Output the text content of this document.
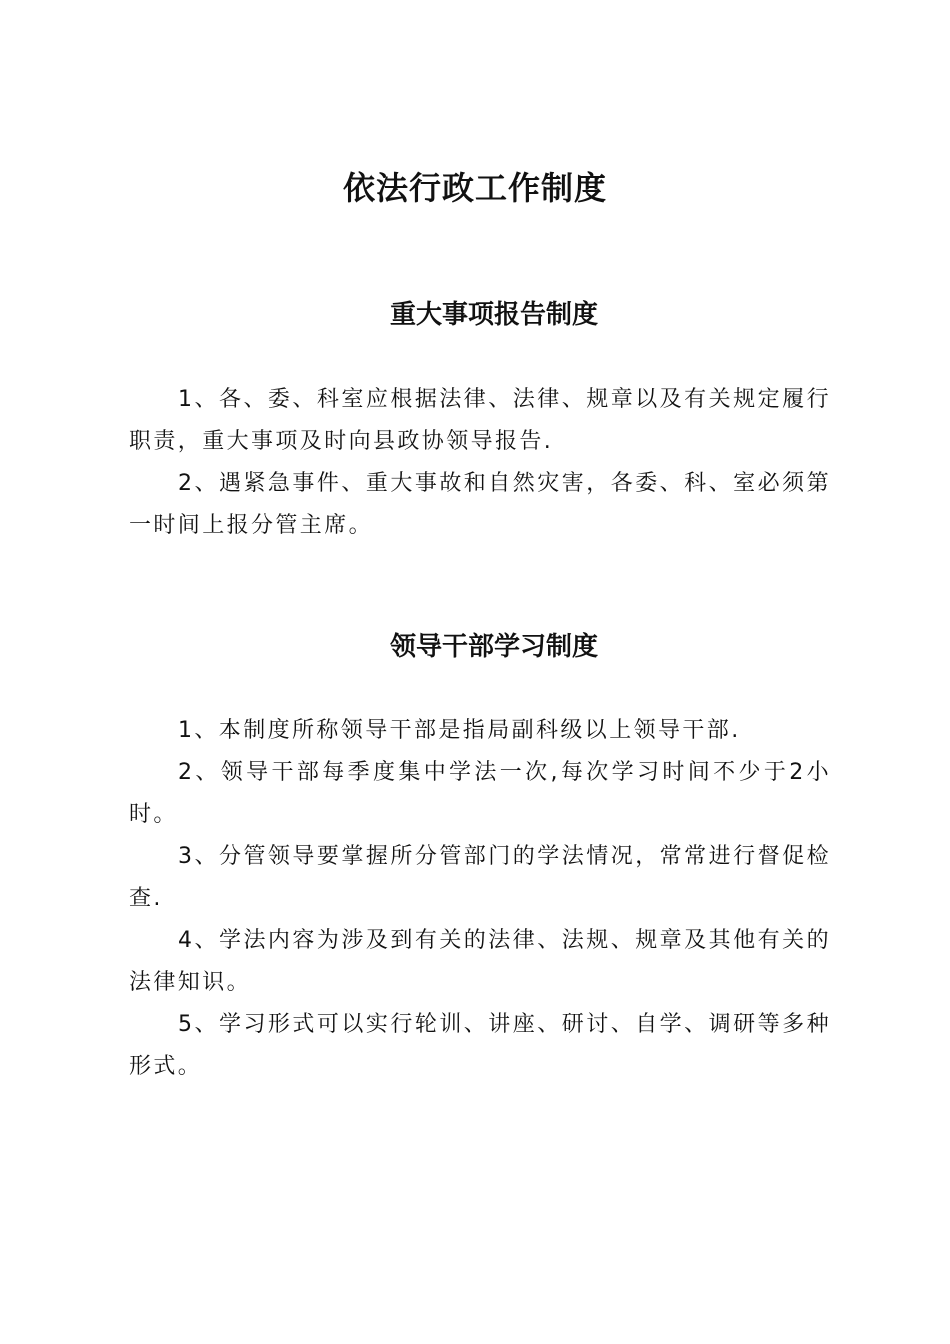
依法行政工作制度
重大事项报告制度

1、各、委、科室应根据法律、法律、规章以及有关规定履行职责，重大事项及时向县政协领导报告.

2、遇紧急事件、重大事故和自然灾害，各委、科、室必须第一时间上报分管主席。

领导干部学习制度

1、本制度所称领导干部是指局副科级以上领导干部.

2、领导干部每季度集中学法一次,每次学习时间不少于2小时。

3、分管领导要掌握所分管部门的学法情况，常常进行督促检查.

4、学法内容为涉及到有关的法律、法规、规章及其他有关的法律知识。

5、学习形式可以实行轮训、讲座、研讨、自学、调研等多种形式。
